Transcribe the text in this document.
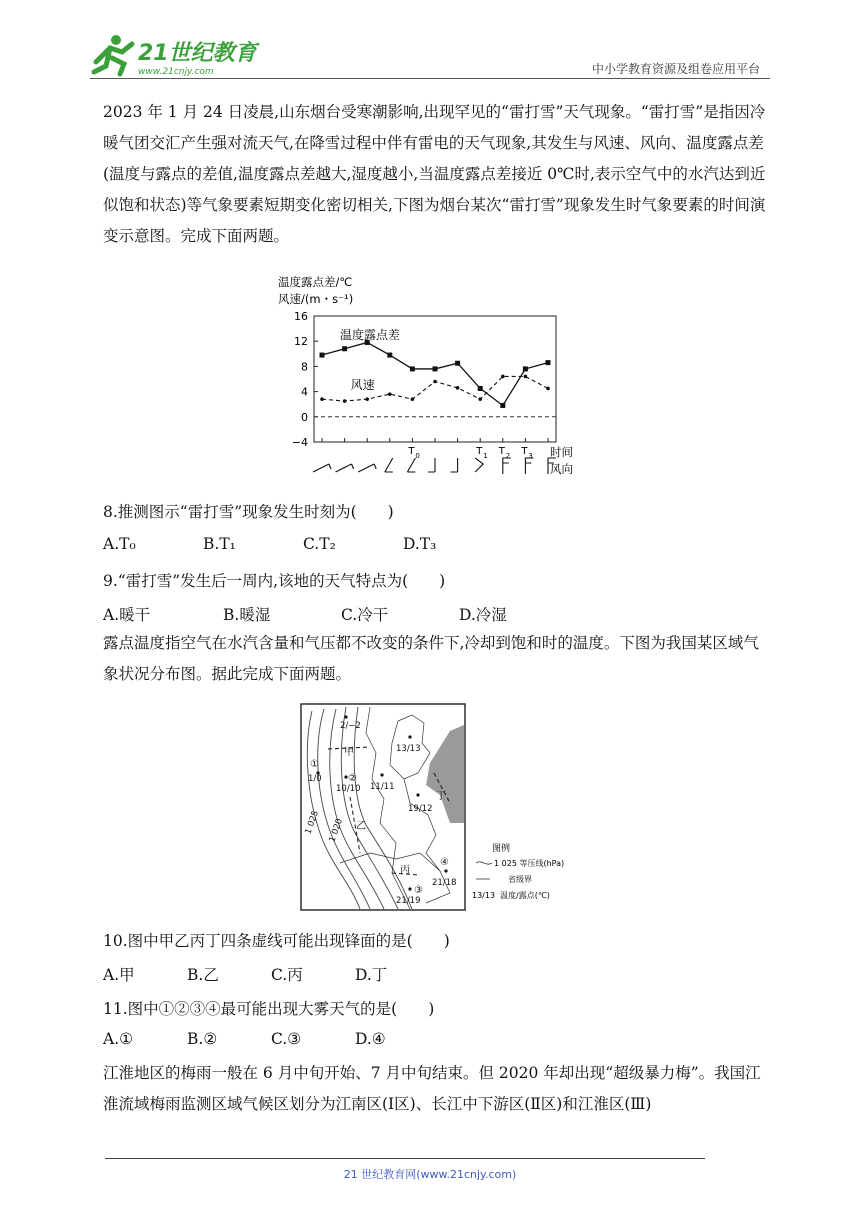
21世纪教育
www.21cnjy.com	中小学教育资源及组卷应用平台

2023 年 1 月 24 日凌晨,山东烟台受寒潮影响,出现罕见的“雷打雪”天气现象。“雷打雪”是指因冷暖气团交汇产生强对流天气,在降雪过程中伴有雷电的天气现象,其发生与风速、风向、温度露点差(温度与露点的差值,温度露点差越大,湿度越小,当温度露点差接近 0℃时,表示空气中的水汽达到近似饱和状态)等气象要素短期变化密切相关,下图为烟台某次“雷打雪”现象发生时气象要素的时间演变示意图。完成下面两题。

温度露点差/℃
风速/(m・s⁻¹)
16
12
8
4
0
−4
温度露点差
风速
T 0	T 1 T 2 T 3 时间
风向
8.推测图示“雷打雪”现象发生时刻为(　　)
A.T₀	B.T₁	C.T₂	D.T₃
9.“雷打雪”发生后一周内,该地的天气特点为(　　)
A.暖干	B.暖湿	C.冷干	D.冷湿

露点温度指空气在水汽含量和气压都不改变的条件下,冷却到饱和时的温度。下图为我国某区域气象状况分布图。据此完成下面两题。

2/−2
13/13
1/0
10/10 11/11
19/12
21/19
21/18
1 025 1 020
甲
乙
丙
丁
①
②
③
④
图例
1 025 等压线(hPa)
省级界
13/13 温度/露点(℃)
10.图中甲乙丙丁四条虚线可能出现锋面的是(　　)
A.甲	B.乙	C.丙	D.丁
11.图中①②③④最可能出现大雾天气的是(　　)
A.①	B.②	C.③	D.④

江淮地区的梅雨一般在 6 月中旬开始、7 月中旬结束。但 2020 年却出现“超级暴力梅”。我国江淮流域梅雨监测区域气候区划分为江南区(Ⅰ区)、长江中下游区(Ⅱ区)和江淮区(Ⅲ)

21 世纪教育网(www.21cnjy.com)
